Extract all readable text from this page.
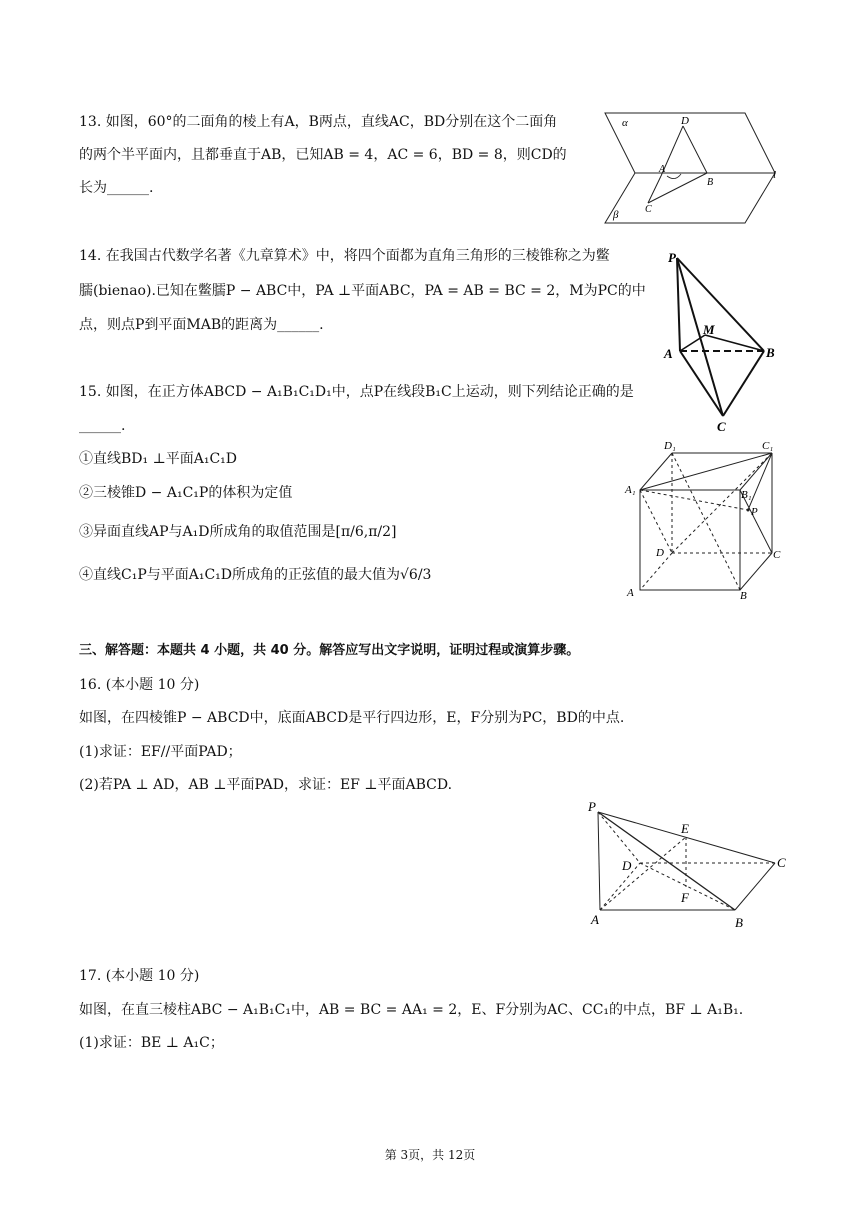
13. 如图，60°的二面角的棱上有A，B两点，直线AC，BD分别在这个二面角
的两个半平面内，且都垂直于AB，已知AB = 4，AC = 6，BD = 8，则CD的
长为______.
α
β
l
D
A
B
C
14. 在我国古代数学名著《九章算术》中，将四个面都为直角三角形的三棱锥称之为鳖
臑(bienao).已知在鳖臑P − ABC中，PA ⊥平面ABC，PA = AB = BC = 2，M为PC的中
点，则点P到平面MAB的距离为______.
P
M
A	B
C
15. 如图，在正方体ABCD − A₁B₁C₁D₁中，点P在线段B₁C上运动，则下列结论正确的是
______.
①直线BD₁ ⊥平面A₁C₁D
②三棱锥D − A₁C₁P的体积为定值
③异面直线AP与A₁D所成角的取值范围是[π/6,π/2]
④直线C₁P与平面A₁C₁D所成角的正弦值的最大值为√6/3
D₁	C₁
A₁	B₁
P
D	C
A	B
三、解答题：本题共 4 小题，共 40 分。解答应写出文字说明，证明过程或演算步骤。
16. (本小题 10 分)
如图，在四棱锥P − ABCD中，底面ABCD是平行四边形，E，F分别为PC，BD的中点.
(1)求证：EF//平面PAD；
(2)若PA ⊥ AD，AB ⊥平面PAD，求证：EF ⊥平面ABCD.
P
E
D	C
F
A	B
17. (本小题 10 分)
如图，在直三棱柱ABC − A₁B₁C₁中，AB = BC = AA₁ = 2，E、F分别为AC、CC₁的中点，BF ⊥ A₁B₁.
(1)求证：BE ⊥ A₁C；
第 3页，共 12页
